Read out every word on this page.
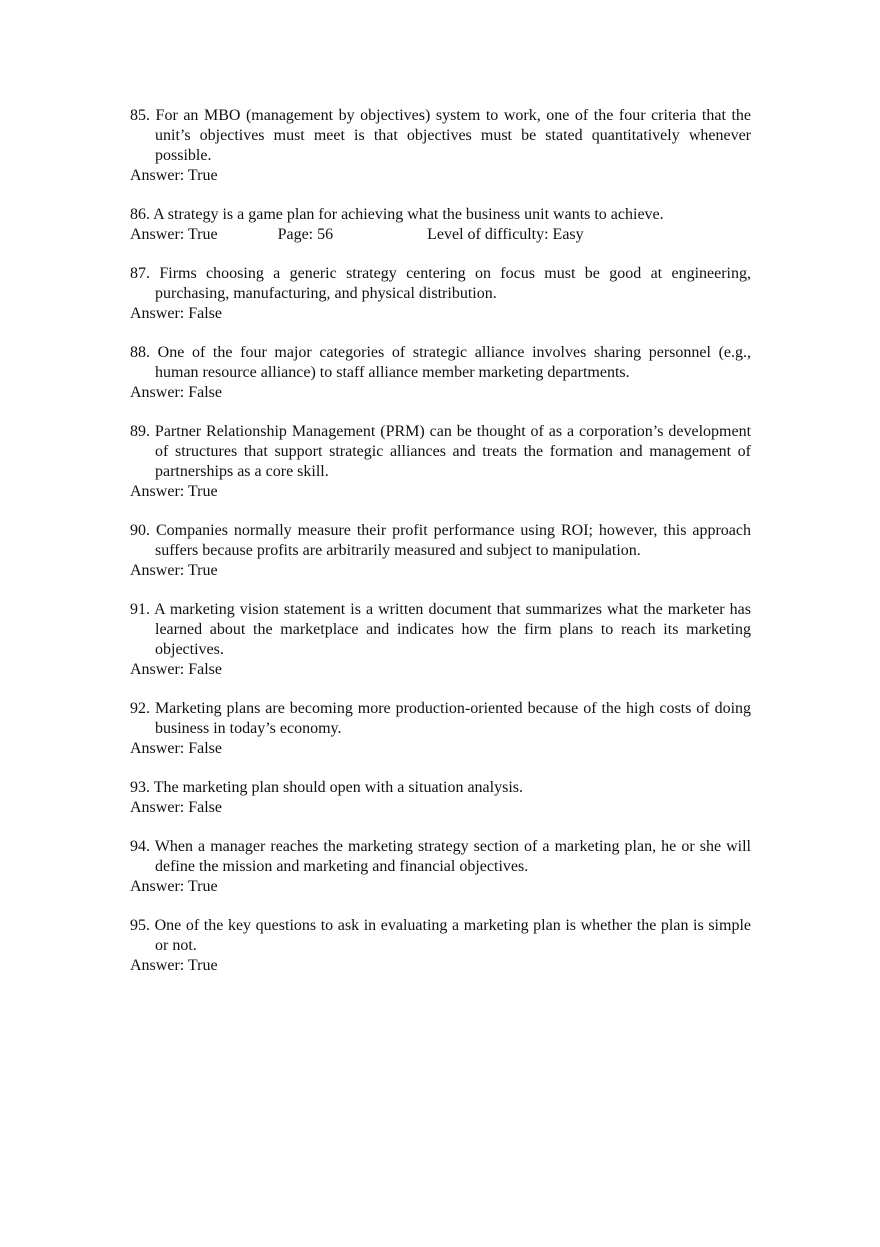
85. For an MBO (management by objectives) system to work, one of the four criteria that the unit’s objectives must meet is that objectives must be stated quantitatively whenever possible.

Answer: True

86. A strategy is a game plan for achieving what the business unit wants to achieve.

Answer: True	Page: 56	Level of difficulty: Easy

87. Firms choosing a generic strategy centering on focus must be good at engineering, purchasing, manufacturing, and physical distribution.

Answer: False

88. One of the four major categories of strategic alliance involves sharing personnel (e.g., human resource alliance) to staff alliance member marketing departments.

Answer: False

89. Partner Relationship Management (PRM) can be thought of as a corporation’s development of structures that support strategic alliances and treats the formation and management of partnerships as a core skill.

Answer: True

90. Companies normally measure their profit performance using ROI; however, this approach suffers because profits are arbitrarily measured and subject to manipulation.

Answer: True

91. A marketing vision statement is a written document that summarizes what the marketer has learned about the marketplace and indicates how the firm plans to reach its marketing objectives.

Answer: False

92. Marketing plans are becoming more production-oriented because of the high costs of doing business in today’s economy.

Answer: False

93. The marketing plan should open with a situation analysis.

Answer: False

94. When a manager reaches the marketing strategy section of a marketing plan, he or she will define the mission and marketing and financial objectives.

Answer: True

95. One of the key questions to ask in evaluating a marketing plan is whether the plan is simple or not.

Answer: True
